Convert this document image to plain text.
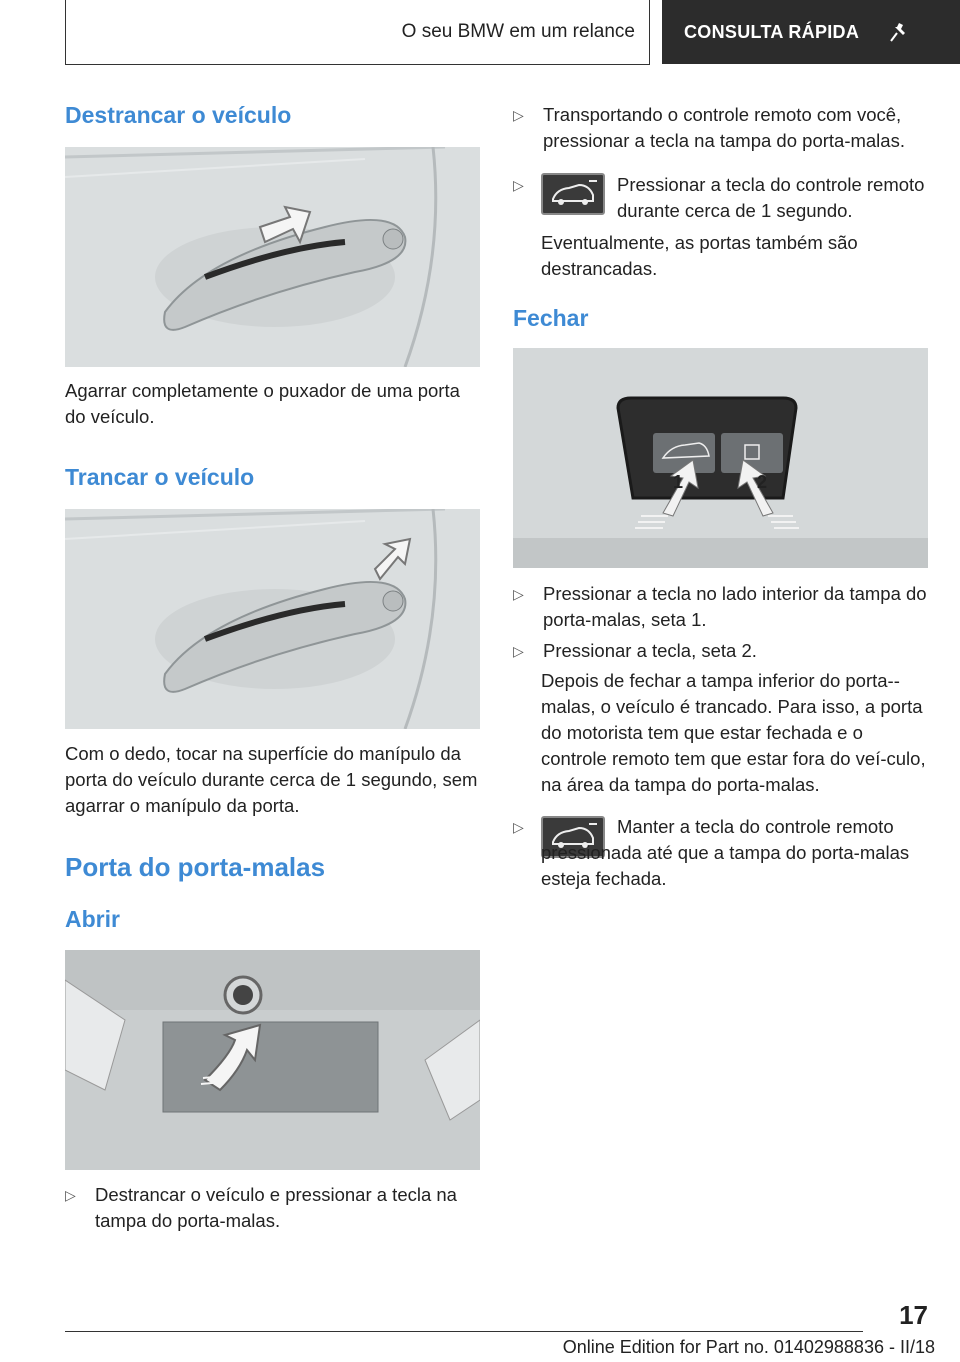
O seu BMW em um relance	CONSULTA RÁPIDA
Destrancar o veículo

Agarrar completamente o puxador de uma porta do veículo.

Trancar o veículo

Com o dedo, tocar na superfície do manípulo da porta do veículo durante cerca de 1 segundo, sem agarrar o manípulo da porta.

Porta do porta-malas
Abrir
▷ Destrancar o veículo e pressionar a tecla na tampa do porta-malas.
▷ Transportando o controle remoto com você, pressionar a tecla na tampa do porta-malas.
▷	Pressionar a tecla do controle remoto durante cerca de 1 segundo.

Eventualmente, as portas também são destrancadas.

Fechar
1	2
▷ Pressionar a tecla no lado interior da tampa do porta-malas, seta 1.
▷ Pressionar a tecla, seta 2.

Depois de fechar a tampa inferior do porta--malas, o veículo é trancado. Para isso, a porta do motorista tem que estar fechada e o controle remoto tem que estar fora do veí-culo, na área da tampa do porta-malas.

▷	Manter a tecla do controle remoto pressionada até que a tampa do porta-malas esteja fechada.

17
Online Edition for Part no. 01402988836 - II/18
